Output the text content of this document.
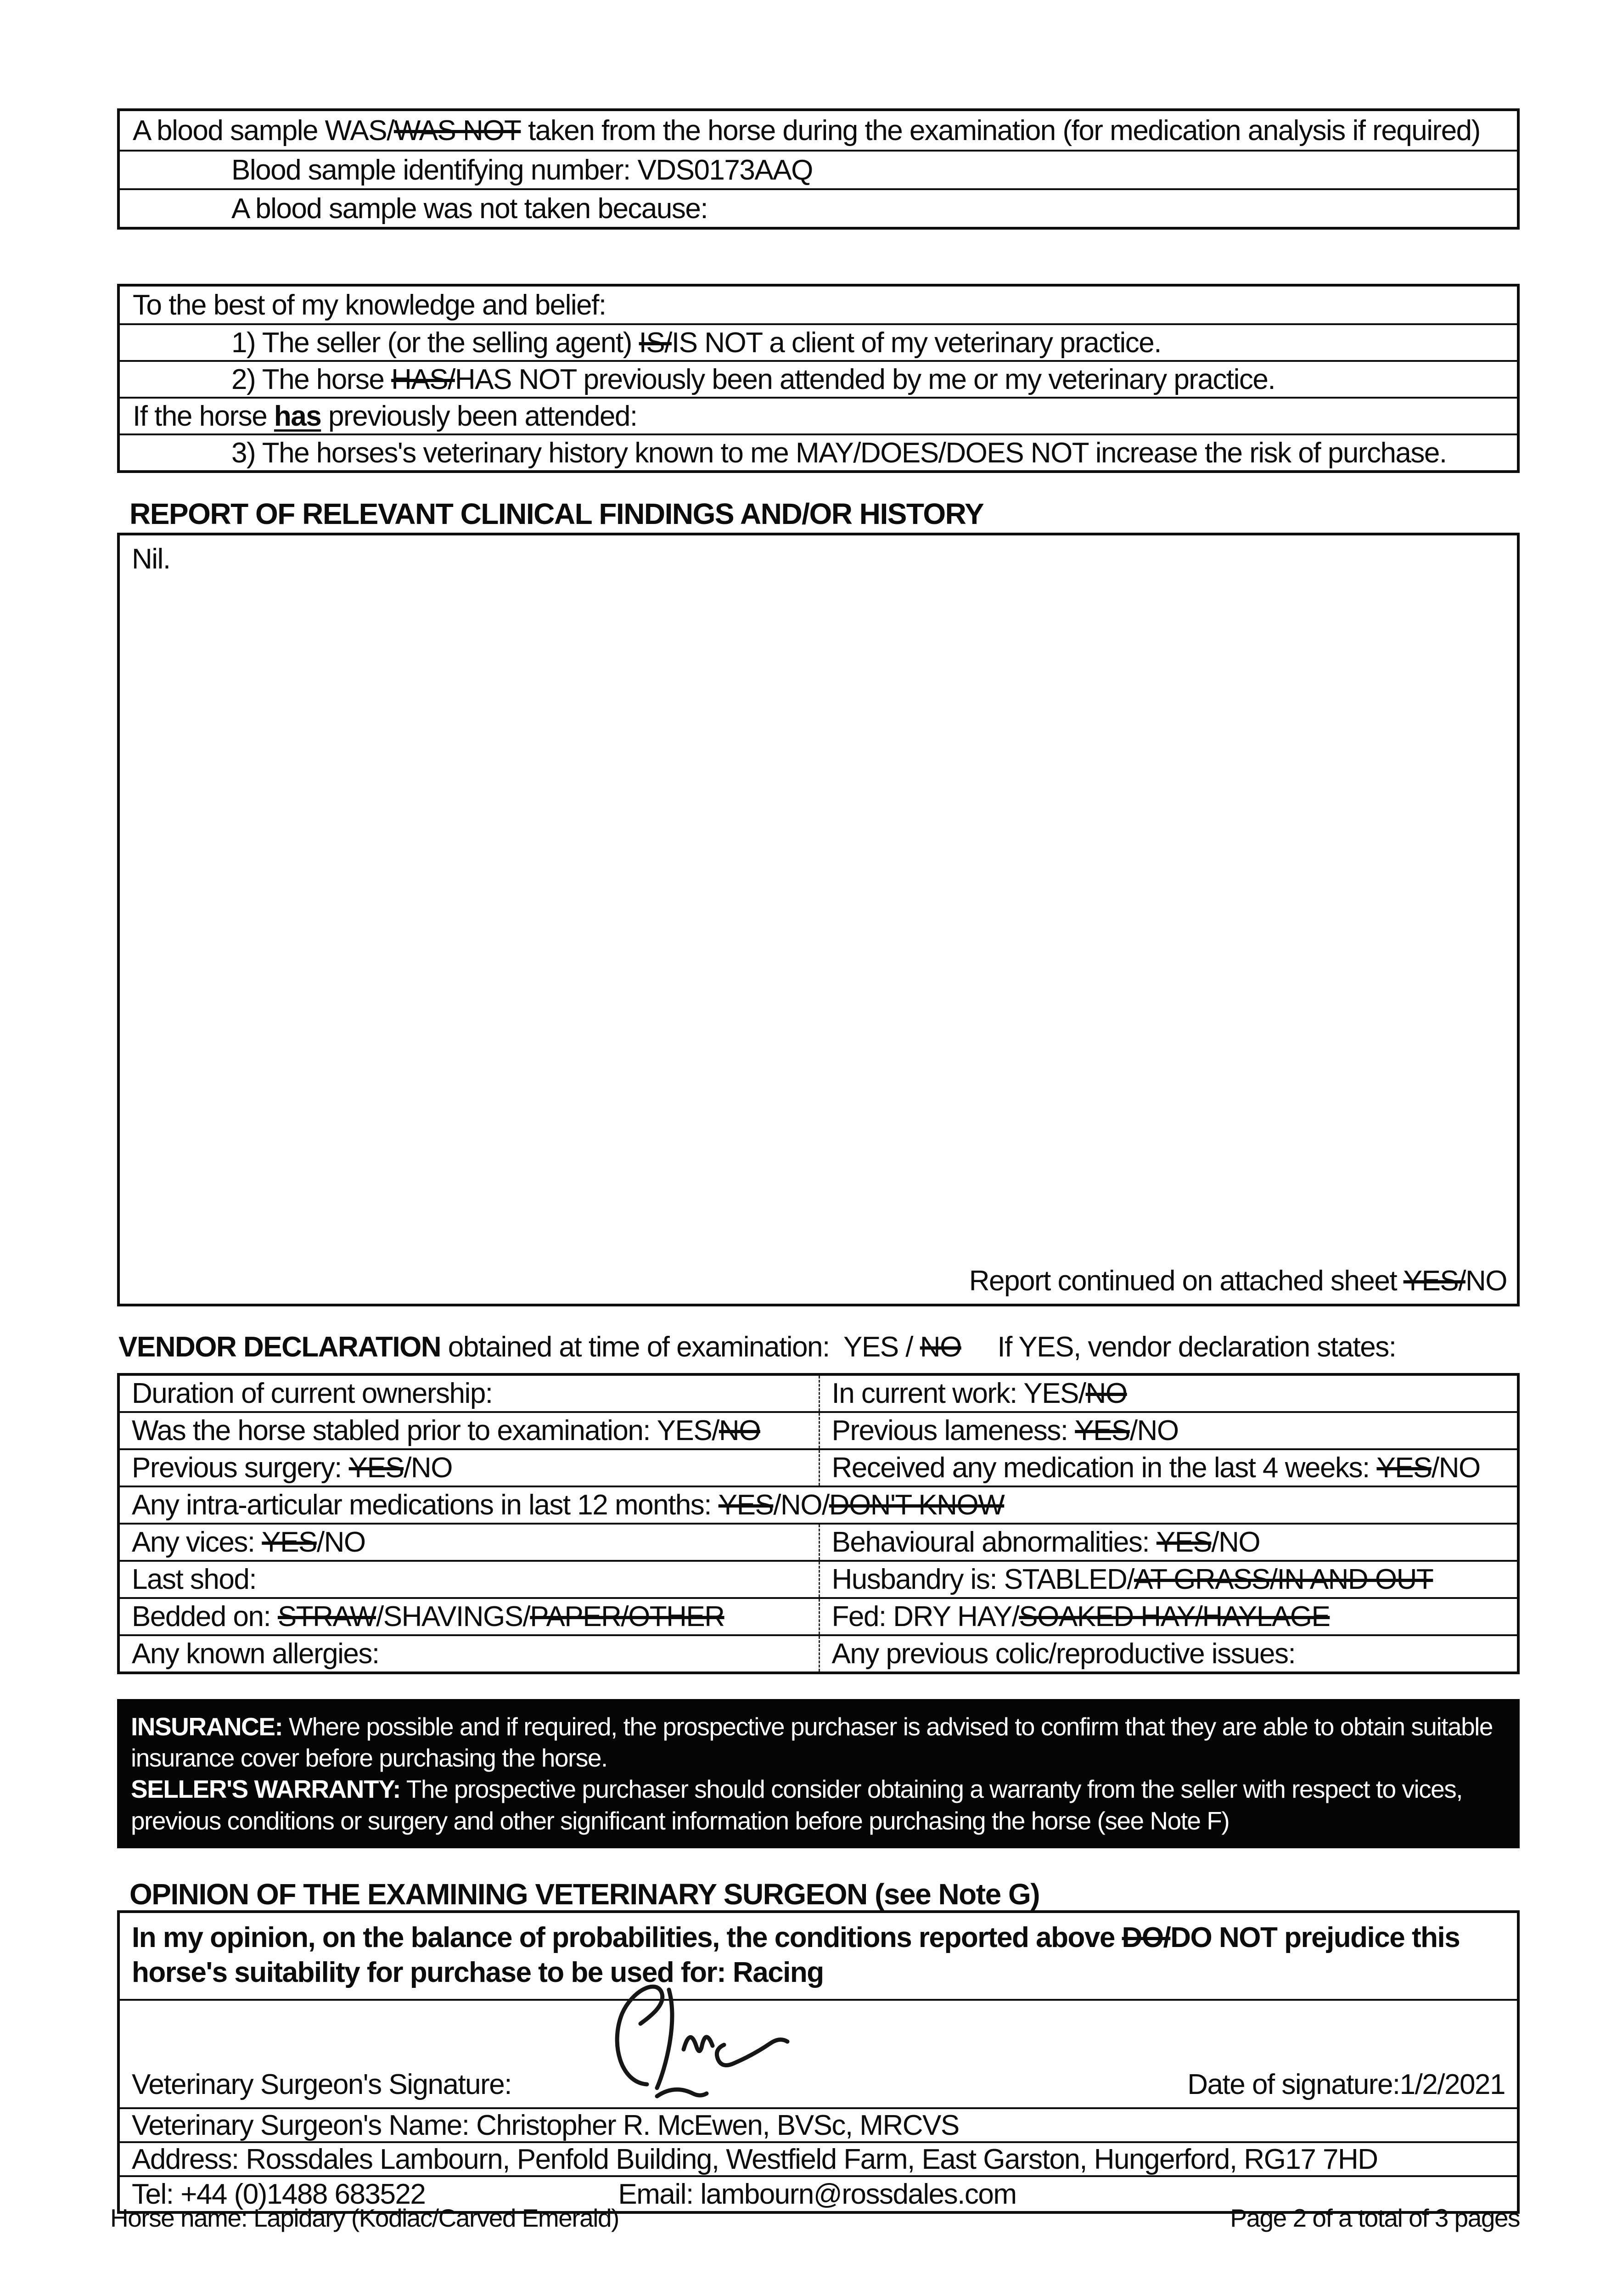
A blood sample WAS/ WAS NOT taken from the horse during the examination (for medication analysis if required)
Blood sample identifying number: VDS0173AAQ
A blood sample was not taken because:
To the best of my knowledge and belief:
1) The seller (or the selling agent) IS/ IS NOT a client of my veterinary practice.
2) The horse HAS/ HAS NOT previously been attended by me or my veterinary practice.
If the horse has previously been attended:
3) The horses's veterinary history known to me MAY/DOES/DOES NOT increase the risk of purchase.
REPORT OF RELEVANT CLINICAL FINDINGS AND/OR HISTORY
Nil.
Report continued on attached sheet YES/NO
VENDOR DECLARATION obtained at time of examination:  YES / NO     If YES, vendor declaration states:
Duration of current ownership:	In current work: YES/ NO
Was the horse stabled prior to examination: YES/ NO	Previous lameness: YES /NO
Previous surgery: YES /NO	Received any medication in the last 4 weeks: YES /NO
Any intra-articular medications in last 12 months: YES /NO/ DON'T KNOW
Any vices: YES /NO	Behavioural abnormalities: YES /NO
Last shod:	Husbandry is: STABLED/ AT GRASS/IN AND OUT
Bedded on: STRAW /SHAVINGS/ PAPER/OTHER	Fed: DRY HAY/ SOAKED HAY/HAYLAGE
Any known allergies:	Any previous colic/reproductive issues:

INSURANCE: Where possible and if required, the prospective purchaser is advised to confirm that they are able to obtain suitable insurance cover before purchasing the horse.

SELLER'S WARRANTY: The prospective purchaser should consider obtaining a warranty from the seller with respect to vices, previous conditions or surgery and other significant information before purchasing the horse (see Note F)

OPINION OF THE EXAMINING VETERINARY SURGEON (see Note G)
In my opinion, on the balance of probabilities, the conditions reported above DO/DO NOT prejudice this horse's suitability for purchase to be used for: Racing
Veterinary Surgeon's Signature:	Date of signature:1/2/2021
Veterinary Surgeon's Name: Christopher R. McEwen, BVSc, MRCVS
Address: Rossdales Lambourn, Penfold Building, Westfield Farm, East Garston, Hungerford, RG17 7HD
Tel: +44 (0)1488 683522	Email: lambourn@rossdales.com
Horse name: Lapidary (Kodiac/Carved Emerald)	Page 2 of a total of 3 pages
